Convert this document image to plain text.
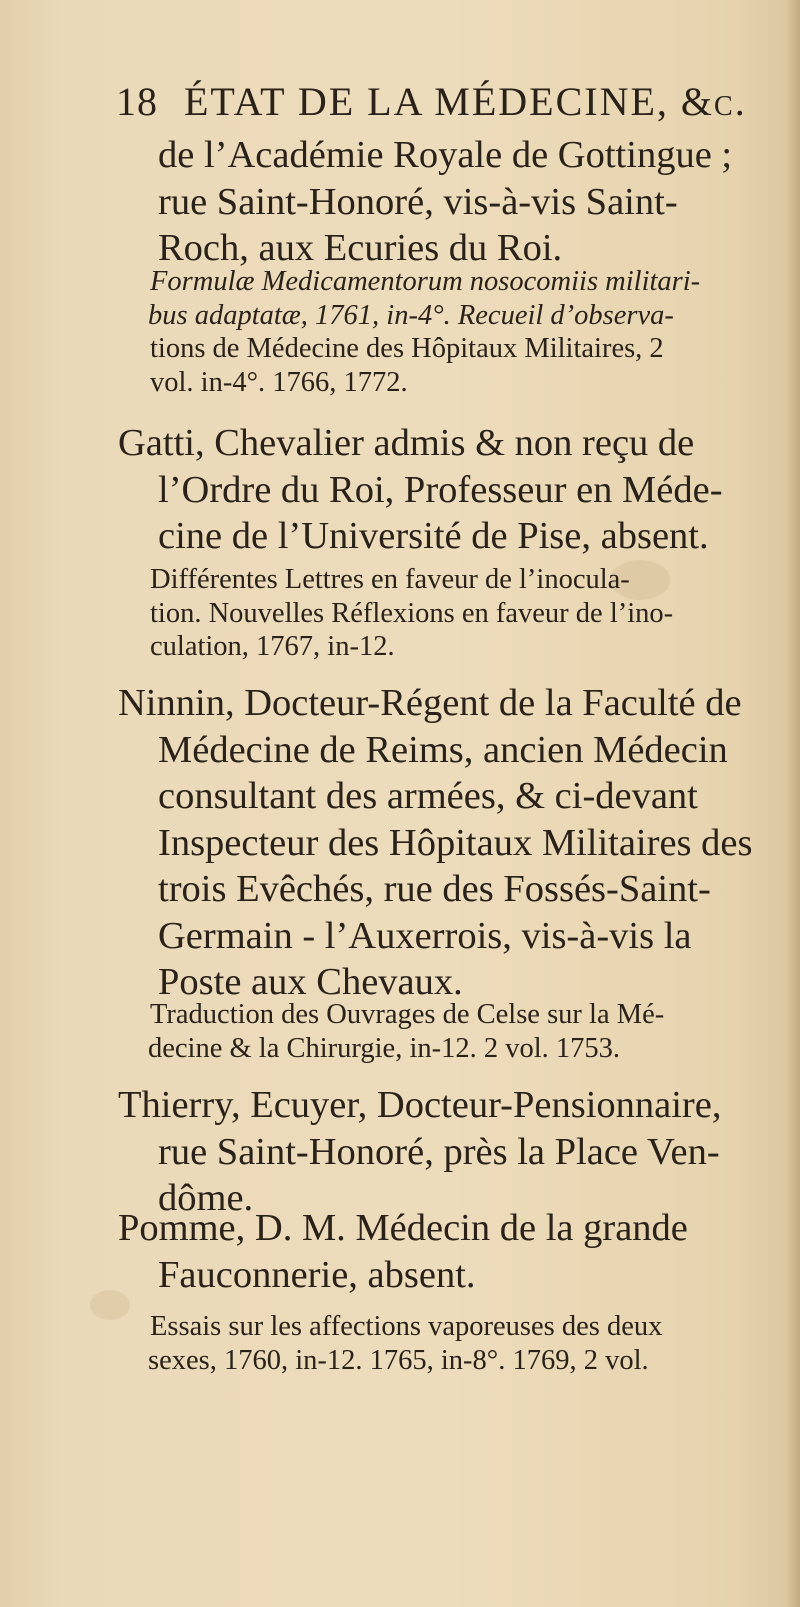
18 ÉTAT DE LA MÉDECINE, &c.
de l’Académie Royale de Gottingue ;
rue Saint-Honoré, vis-à-vis Saint-
Roch, aux Ecuries du Roi.
Formulæ Medicamentorum nosocomiis militari-
bus adaptatæ, 1761, in-4°. Recueil d’observa-
tions de Médecine des Hôpitaux Militaires, 2
vol. in-4°. 1766, 1772.
Gatti, Chevalier admis & non reçu de
l’Ordre du Roi, Professeur en Méde-
cine de l’Université de Pise, absent.
Différentes Lettres en faveur de l’inocula-
tion. Nouvelles Réflexions en faveur de l’ino-
culation, 1767, in-12.
Ninnin, Docteur-Régent de la Faculté de
Médecine de Reims, ancien Médecin
consultant des armées, & ci-devant
Inspecteur des Hôpitaux Militaires des
trois Evêchés, rue des Fossés-Saint-
Germain - l’Auxerrois, vis-à-vis la
Poste aux Chevaux.
Traduction des Ouvrages de Celse sur la Mé-
decine & la Chirurgie, in-12. 2 vol. 1753.
Thierry, Ecuyer, Docteur-Pensionnaire,
rue Saint-Honoré, près la Place Ven-
dôme.
Pomme, D. M. Médecin de la grande
Fauconnerie, absent.
Essais sur les affections vaporeuses des deux
sexes, 1760, in-12. 1765, in-8°. 1769, 2 vol.
